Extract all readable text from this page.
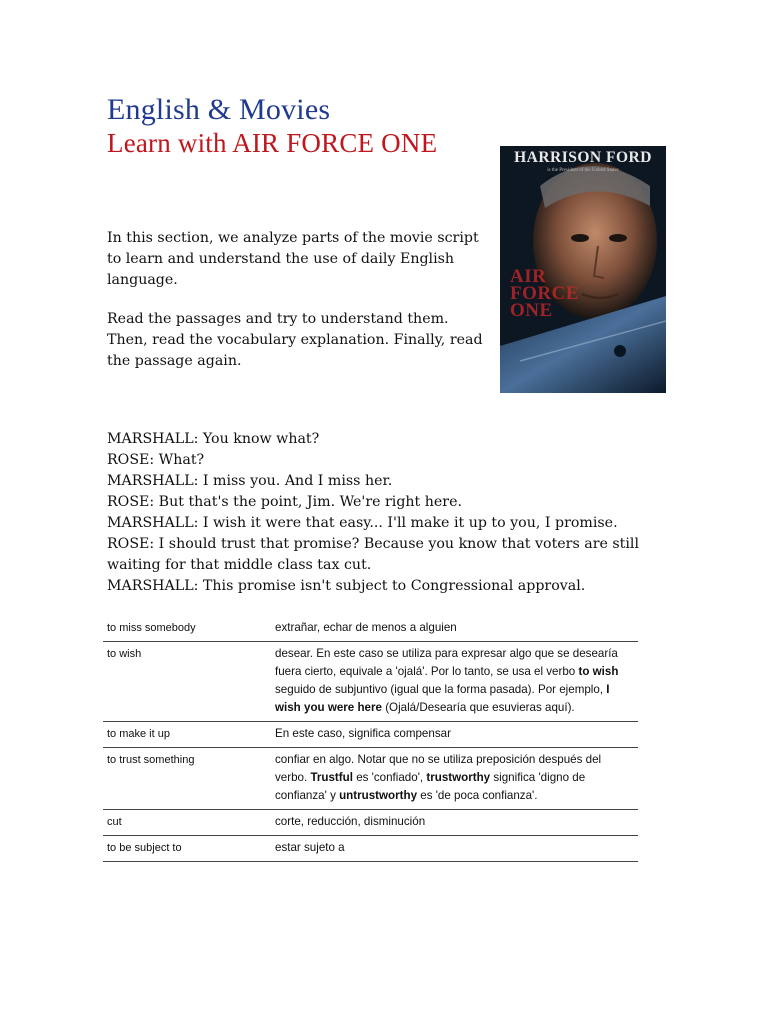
English & Movies
Learn with AIR FORCE ONE

In this section, we analyze parts of the movie script to learn and understand the use of daily English language.

Read the passages and try to understand them. Then, read the vocabulary explanation. Finally, read the passage again.

HARRISON FORD
is the President of the United States
AIR FORCE ONE
MARSHALL: You know what?
ROSE: What?
MARSHALL: I miss you. And I miss her.
ROSE: But that's the point, Jim. We're right here.
MARSHALL: I wish it were that easy... I'll make it up to you, I promise.
ROSE: I should trust that promise? Because you know that voters are still
waiting for that middle class tax cut.
MARSHALL: This promise isn't subject to Congressional approval.
to miss somebody	extrañar, echar de menos a alguien
to wish	desear. En este caso se utiliza para expresar algo que se desearía fuera cierto, equivale a 'ojalá'. Por lo tanto, se usa el verbo to wish seguido de subjuntivo (igual que la forma pasada). Por ejemplo, I wish you were here (Ojalá/Desearía que esuvieras aquí).
to make it up	En este caso, significa compensar
to trust something	confiar en algo. Notar que no se utiliza preposición después del verbo. Trustful es 'confiado', trustworthy significa 'digno de confianza' y untrustworthy es 'de poca confianza'.
cut	corte, reducción, disminución
to be subject to	estar sujeto a
